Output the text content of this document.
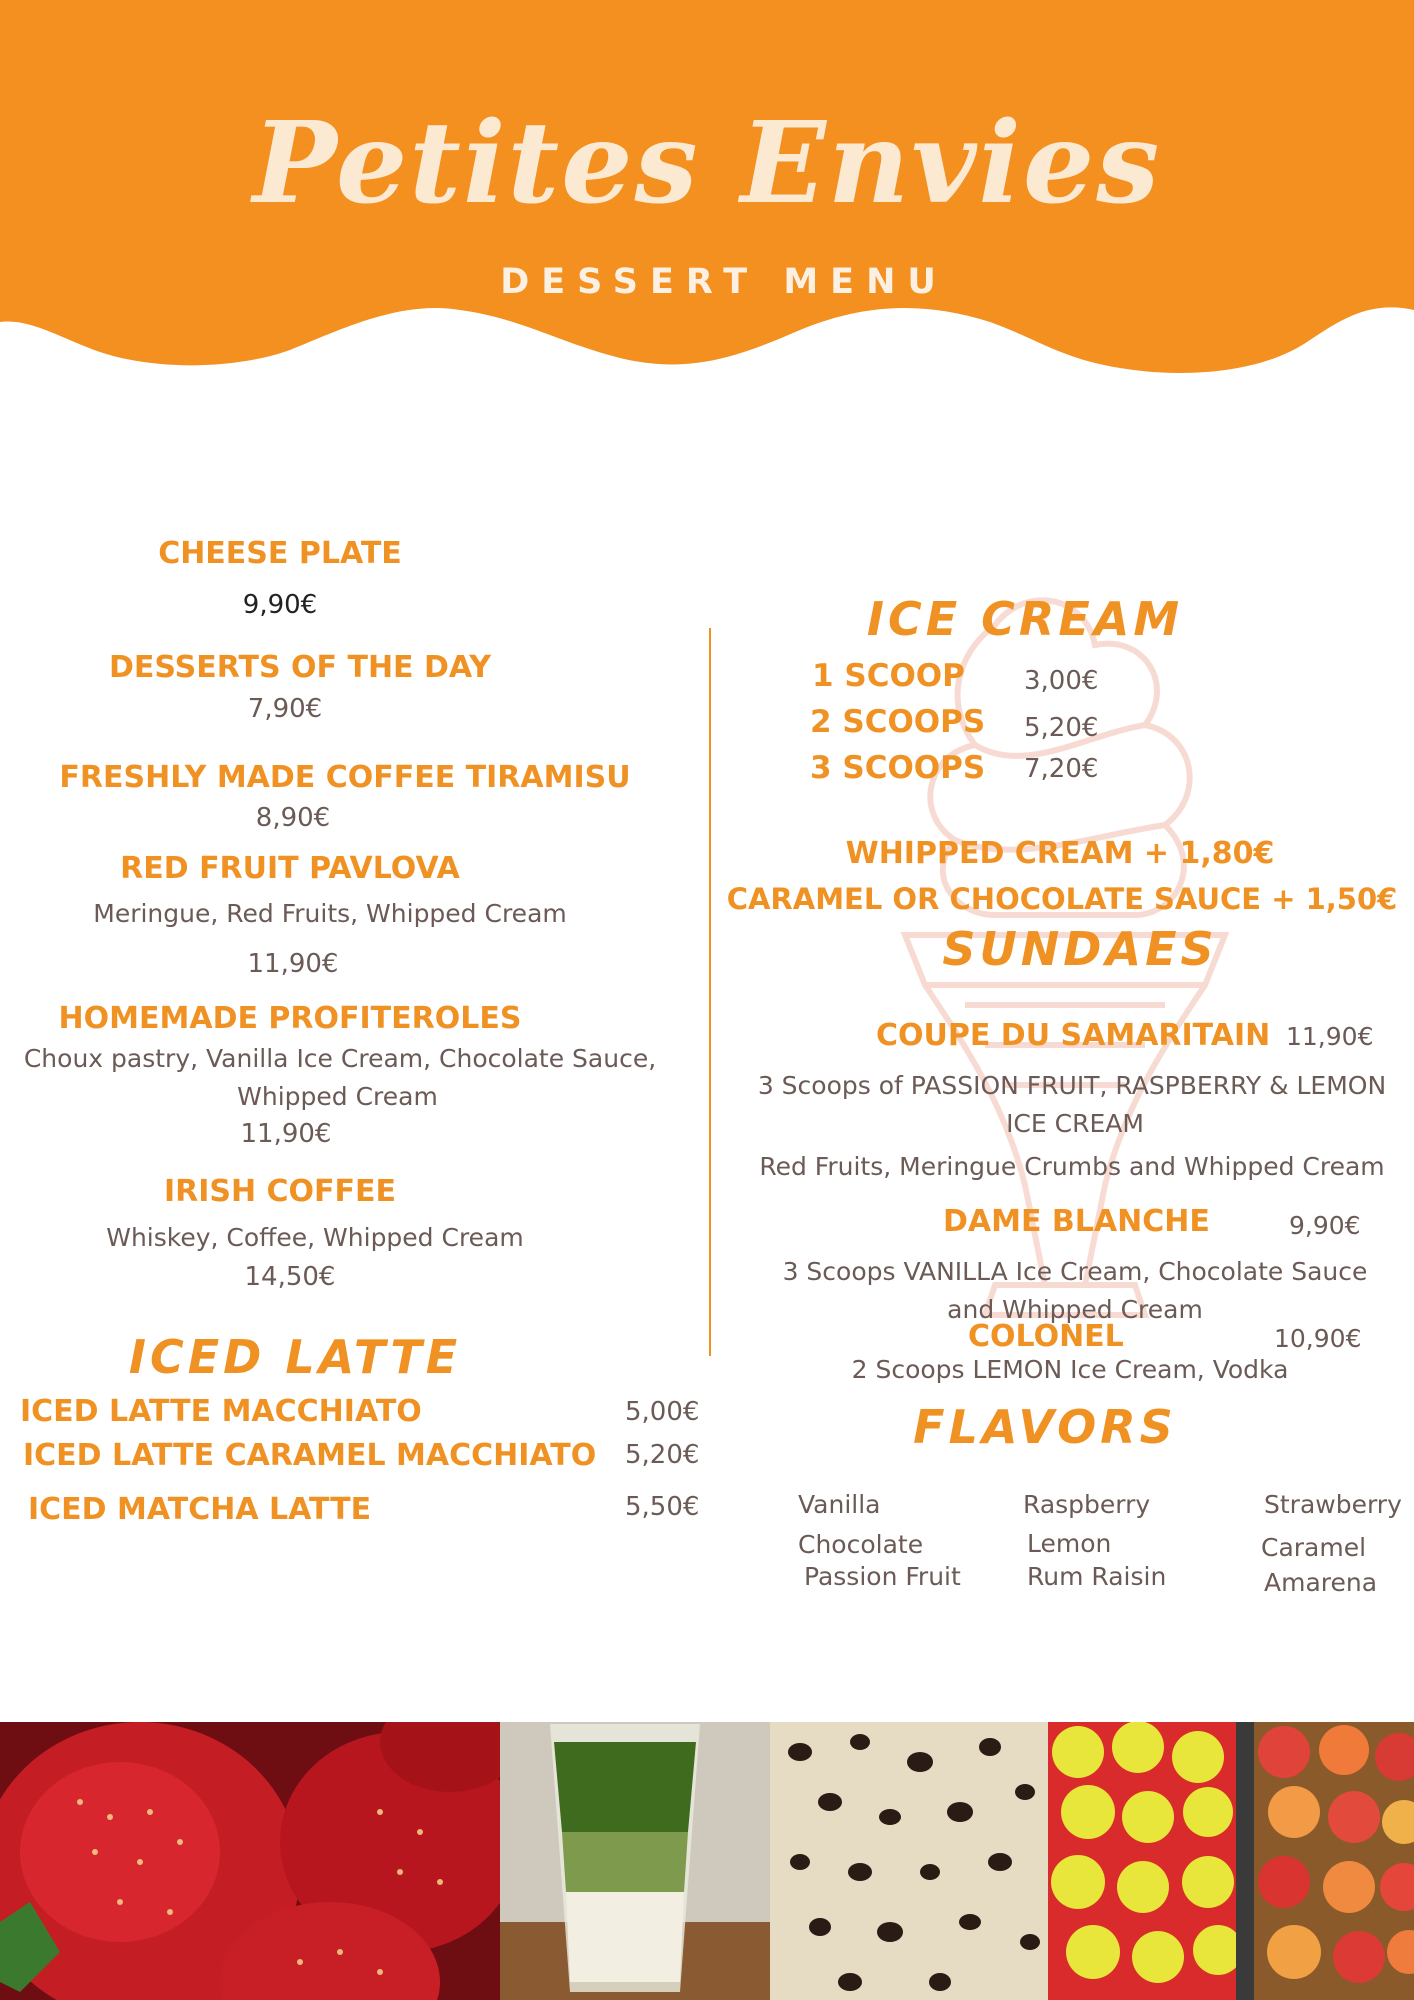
Petites Envies
DESSERT MENU
CHEESE PLATE
9,90€
DESSERTS OF THE DAY
7,90€
FRESHLY MADE COFFEE TIRAMISU
8,90€
RED FRUIT PAVLOVA
Meringue, Red Fruits, Whipped Cream
11,90€
HOMEMADE PROFITEROLES
Choux pastry, Vanilla Ice Cream, Chocolate Sauce,
Whipped Cream
11,90€
IRISH COFFEE
Whiskey, Coffee, Whipped Cream
14,50€
ICED LATTE
ICED LATTE MACCHIATO	5,00€
ICED LATTE CARAMEL MACCHIATO 5,20€
ICED MATCHA LATTE	5,50€
ICE CREAM
1 SCOOP 3,00€
2 SCOOPS 5,20€
3 SCOOPS 7,20€
WHIPPED CREAM + 1,80€
CARAMEL OR CHOCOLATE SAUCE + 1,50€
SUNDAES
COUPE DU SAMARITAIN 11,90€
3 Scoops of PASSION FRUIT, RASPBERRY & LEMON
ICE CREAM
Red Fruits, Meringue Crumbs and Whipped Cream
DAME BLANCHE	9,90€
3 Scoops VANILLA Ice Cream, Chocolate Sauce
and Whipped Cream
COLONEL	10,90€
2 Scoops LEMON Ice Cream, Vodka
FLAVORS
Vanilla
Chocolate
Passion Fruit
Raspberry
Lemon
Rum Raisin
Strawberry
Caramel
Amarena
